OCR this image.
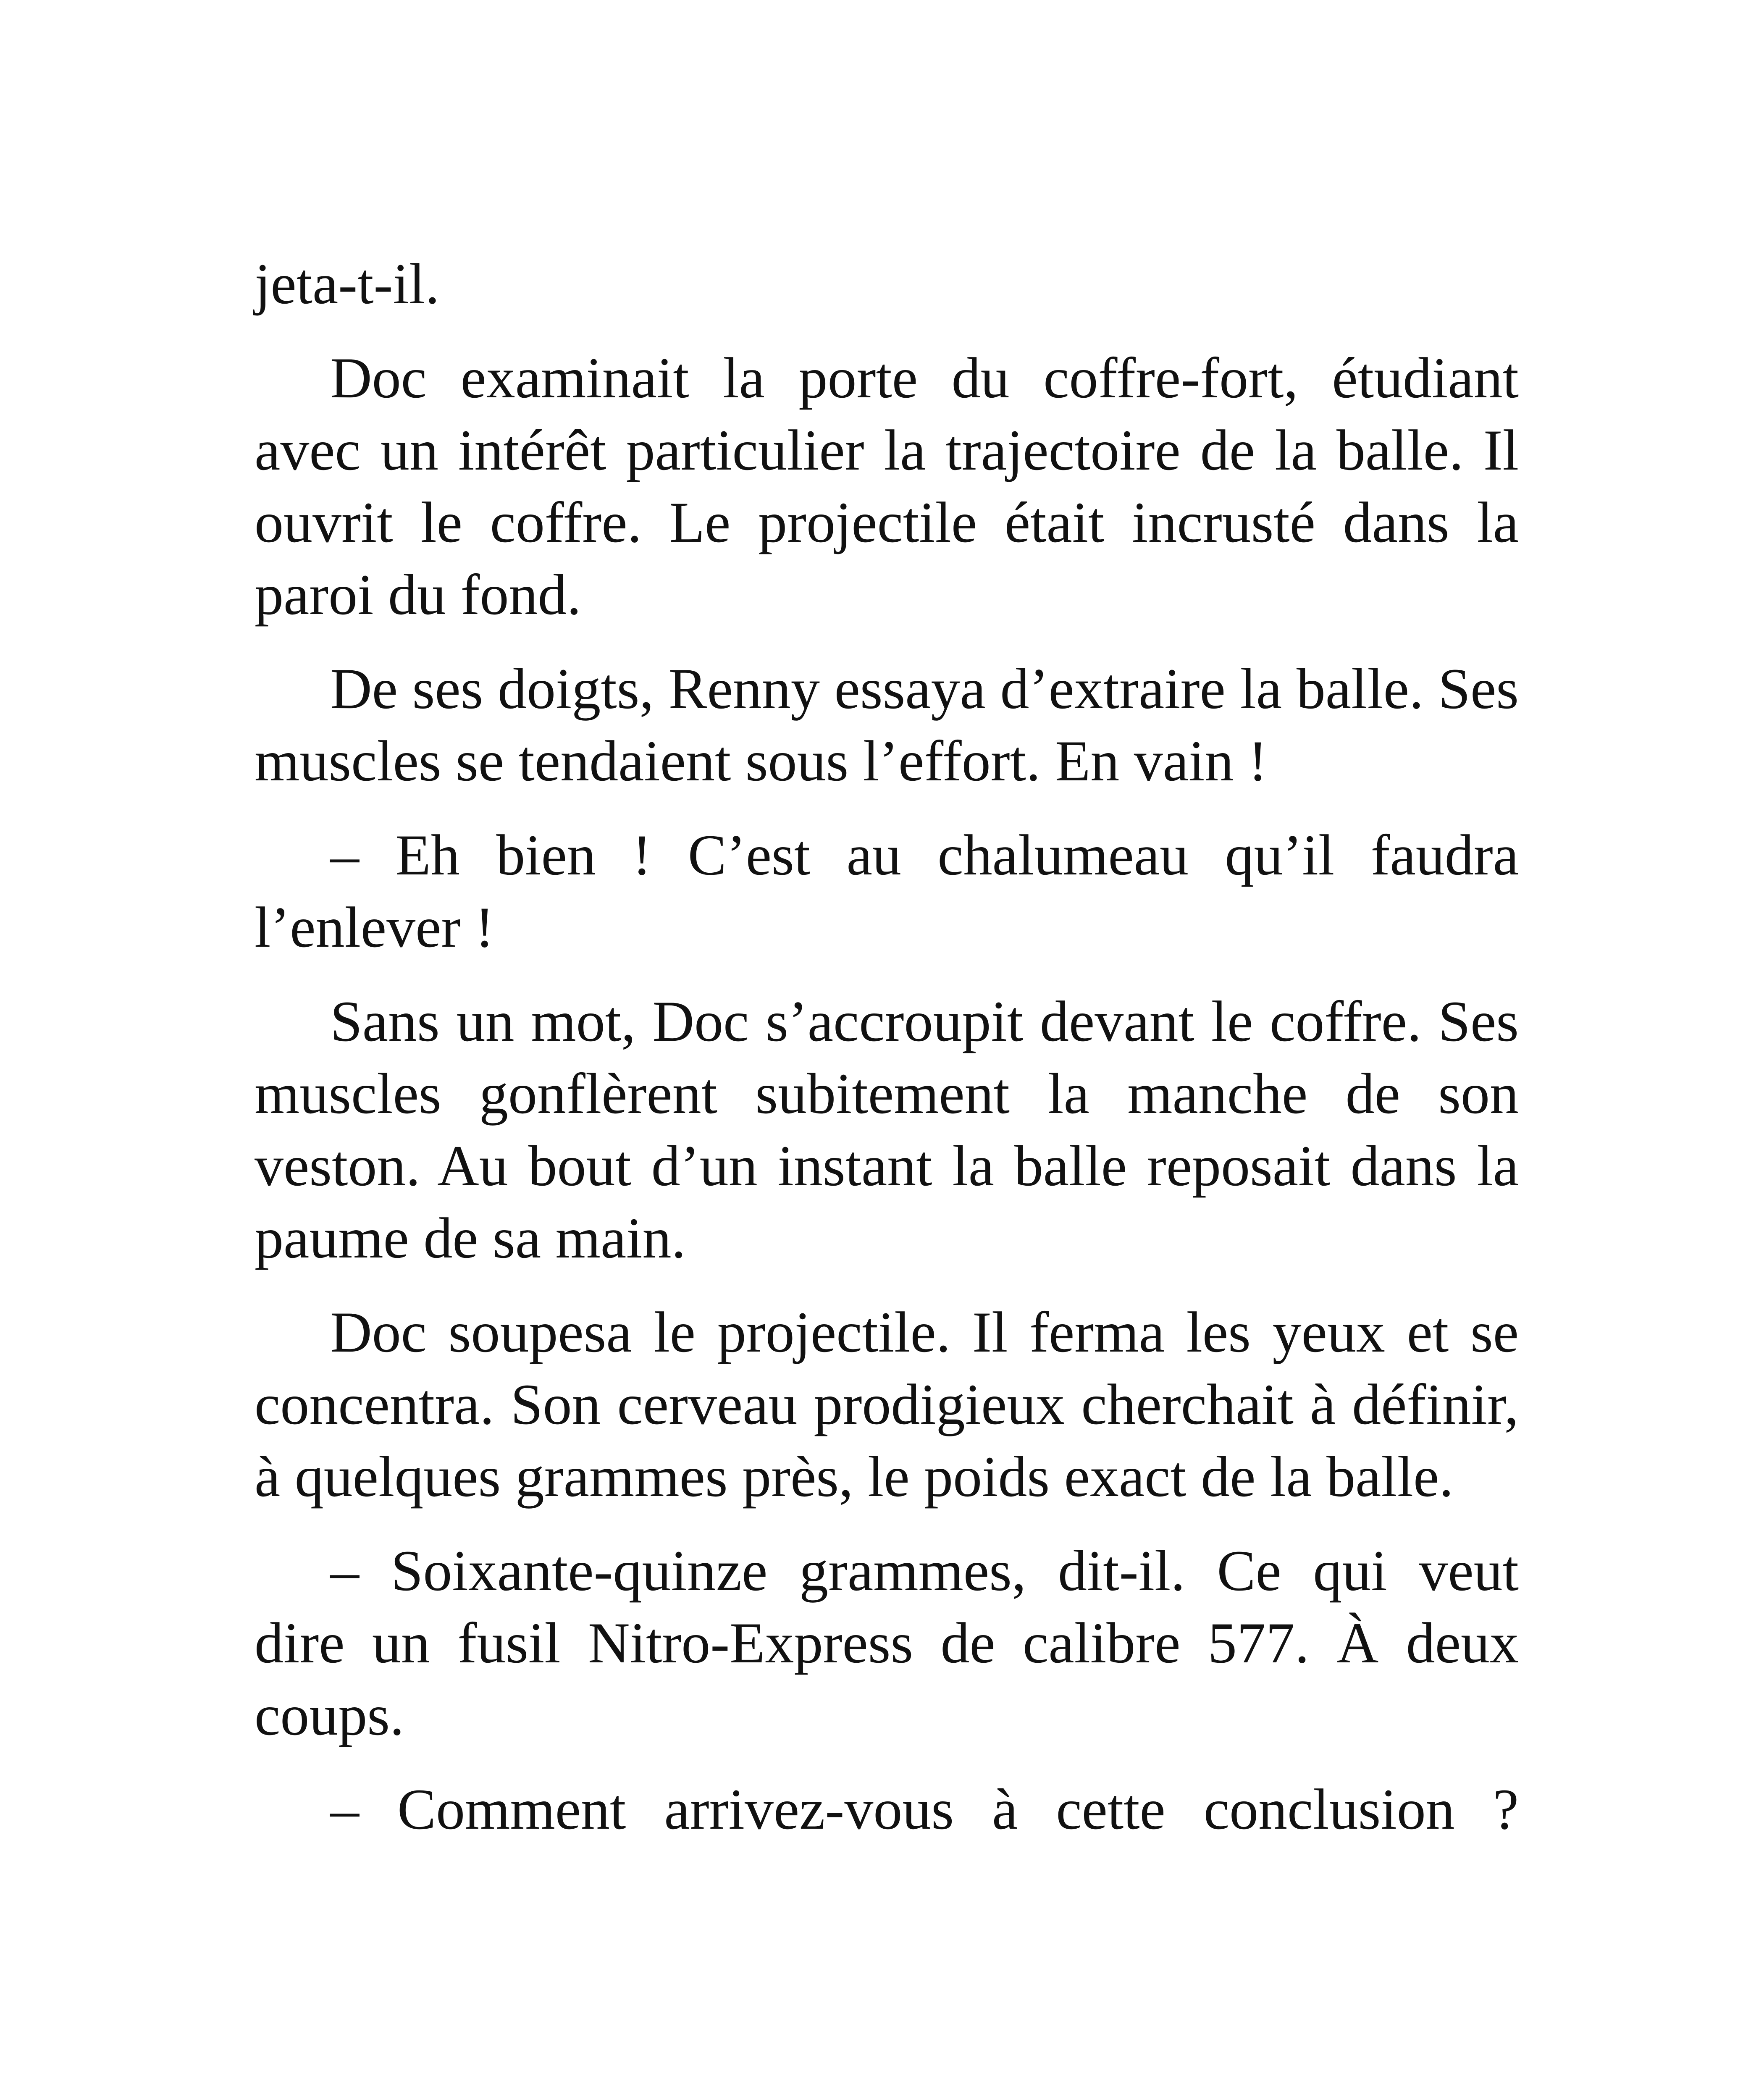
jeta-t-il.

Doc examinait la porte du coffre-fort, étudiant avec un intérêt particulier la trajectoire de la balle. Il ouvrit le coffre. Le projectile était incrusté dans la paroi du fond.

De ses doigts, Renny essaya d’extraire la balle. Ses muscles se tendaient sous l’effort. En vain !

– Eh bien ! C’est au chalumeau qu’il faudra l’enlever !

Sans un mot, Doc s’accroupit devant le coffre. Ses muscles gonflèrent subitement la manche de son veston. Au bout d’un instant la balle reposait dans la paume de sa main.

Doc soupesa le projectile. Il ferma les yeux et se concentra. Son cerveau prodigieux cherchait à définir, à quelques grammes près, le poids exact de la balle.

– Soixante-quinze grammes, dit-il. Ce qui veut dire un fusil Nitro-Express de calibre 577. À deux coups.

– Comment arrivez-vous à cette conclusion ?
